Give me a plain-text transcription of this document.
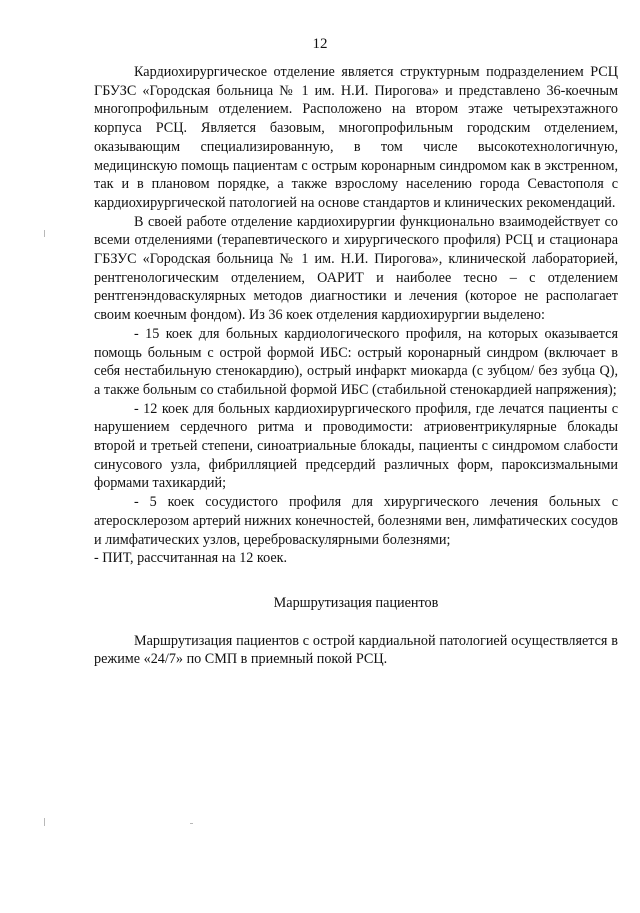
12

Кардиохирургическое отделение является структурным подразделением РСЦ ГБУЗС «Городская больница № 1 им. Н.И. Пирогова» и представлено 36-коечным многопрофильным отделением. Расположено на втором этаже четырехэтажного корпуса РСЦ. Является базовым, многопрофильным городским отделением, оказывающим специализированную, в том числе высокотехнологичную, медицинскую помощь пациентам с острым коронарным синдромом как в экстренном, так и в плановом порядке, а также взрослому населению города Севастополя с кардиохирургической патологией на основе стандартов и клинических рекомендаций.

В своей работе отделение кардиохирургии функционально взаимодействует со всеми отделениями (терапевтического и хирургического профиля) РСЦ и стационара ГБЗУС «Городская больница № 1 им. Н.И. Пирогова», клинической лабораторией, рентгенологическим отделением, ОАРИТ и наиболее тесно – с отделением рентгенэндоваскулярных методов диагностики и лечения (которое не располагает своим коечным фондом). Из 36 коек отделения кардиохирургии выделено:

- 15 коек для больных кардиологического профиля, на которых оказывается помощь больным с острой формой ИБС: острый коронарный синдром (включает в себя нестабильную стенокардию), острый инфаркт миокарда (с зубцом/ без зубца Q), а также больным со стабильной формой ИБС (стабильной стенокардией напряжения);

- 12 коек для больных кардиохирургического профиля, где лечатся пациенты с нарушением сердечного ритма и проводимости: атриовентрикулярные блокады второй и третьей степени, синоатриальные блокады, пациенты с синдромом слабости синусового узла, фибрилляцией предсердий различных форм, пароксизмальными формами тахикардий;

- 5 коек сосудистого профиля для хирургического лечения больных с атеросклерозом артерий нижних конечностей, болезнями вен, лимфатических сосудов и лимфатических узлов, цереброваскулярными болезнями;

- ПИТ, рассчитанная на 12 коек.

Маршрутизация пациентов

Маршрутизация пациентов с острой кардиальной патологией осуществляется в режиме «24/7» по СМП в приемный покой РСЦ.
